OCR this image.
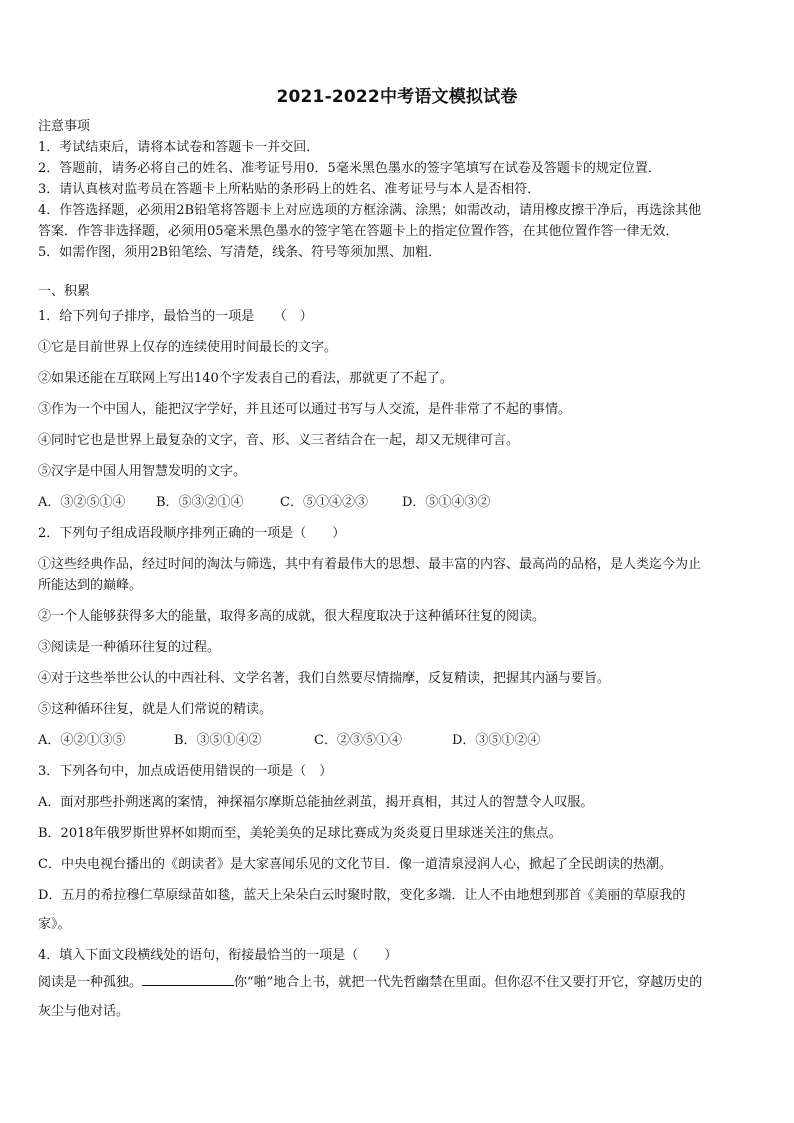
2021-2022中考语文模拟试卷
注意事项
1．考试结束后，请将本试卷和答题卡一并交回．
2．答题前，请务必将自己的姓名、准考证号用0．5毫米黑色墨水的签字笔填写在试卷及答题卡的规定位置．
3．请认真核对监考员在答题卡上所粘贴的条形码上的姓名、准考证号与本人是否相符．
4．作答选择题，必须用2B铅笔将答题卡上对应选项的方框涂满、涂黑；如需改动，请用橡皮擦干净后，再选涂其他
答案．作答非选择题，必须用05毫米黑色墨水的签字笔在答题卡上的指定位置作答，在其他位置作答一律无效．
5．如需作图，须用2B铅笔绘、写清楚，线条、符号等须加黑、加粗．
一、积累
1．给下列句子排序，最恰当的一项是　　（　）
①它是目前世界上仅存的连续使用时间最长的文字。
②如果还能在互联网上写出140个字发表自己的看法，那就更了不起了。
③作为一个中国人，能把汉字学好，并且还可以通过书写与人交流，是件非常了不起的事情。
④同时它也是世界上最复杂的文字，音、形、义三者结合在一起，却又无规律可言。
⑤汉字是中国人用智慧发明的文字。
A．③②⑤①④ B．⑤③②①④	C．⑤①④②③	D．⑤①④③②
2．下列句子组成语段顺序排列正确的一项是（　　）
①这些经典作品，经过时间的淘汰与筛选，其中有着最伟大的思想、最丰富的内容、最高尚的品格，是人类迄今为止
所能达到的巅峰。
②一个人能够获得多大的能量，取得多高的成就，很大程度取决于这种循环往复的阅读。
③阅读是一种循环往复的过程。
④对于这些举世公认的中西社科、文学名著，我们自然要尽情揣摩，反复精读，把握其内涵与要旨。
⑤这种循环往复，就是人们常说的精读。
A．④②①③⑤	B．③⑤①④②	C．②③⑤①④	D．③⑤①②④
3．下列各句中，加点成语使用错误的一项是（　）
A．面对那些扑朔迷离的案情，神探福尔摩斯总能抽丝剥茧，揭开真相，其过人的智慧令人叹服。
B．2018年俄罗斯世界杯如期而至，美轮美奂的足球比赛成为炎炎夏日里球迷关注的焦点。
C．中央电视台播出的《朗读者》是大家喜闻乐见的文化节目．像一道清泉浸润人心，掀起了全民朗读的热潮。
D．五月的希拉穆仁草原绿苗如毯，蓝天上朵朵白云时聚时散，变化多端．让人不由地想到那首《美丽的草原我的
家》。
4．填入下面文段横线处的语句，衔接最恰当的一项是（　　）
阅读是一种孤独。	你“啪”地合上书，就把一代先哲幽禁在里面。但你忍不住又要打开它，穿越历史的
灰尘与他对话。
